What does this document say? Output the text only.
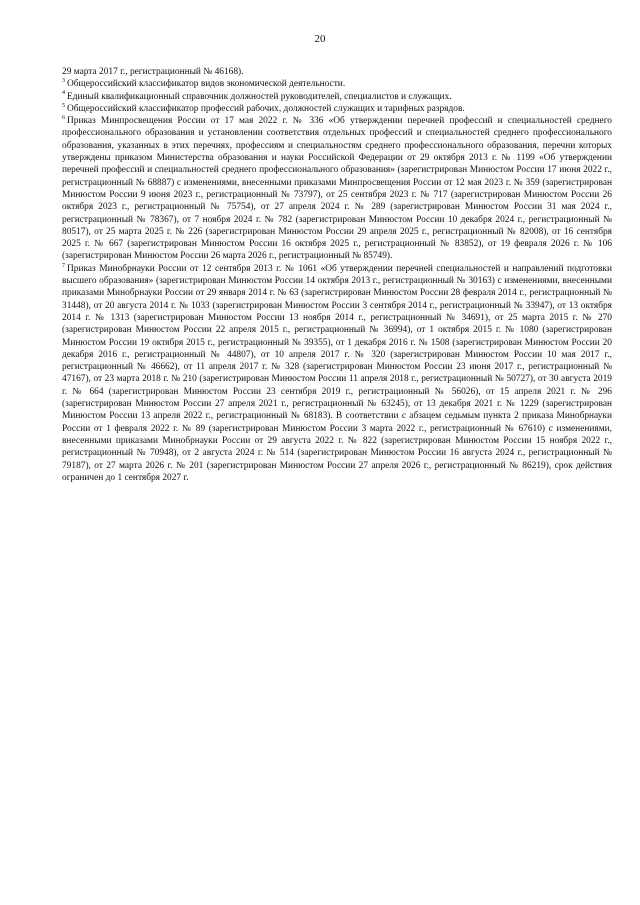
20

29 марта 2017 г., регистрационный № 46168).

$^3$ Общероссийский классификатор видов экономической деятельности.

$^4$ Единый квалификационный справочник должностей руководителей, специалистов и служащих.

$^5$ Общероссийский классификатор профессий рабочих, должностей служащих и тарифных разрядов.

$^6$ Приказ Минпросвещения России от 17 мая 2022 г. № 336 «Об утверждении перечней профессий и специальностей среднего профессионального образования и установлении соответствия отдельных профессий и специальностей среднего профессионального образования, указанных в этих перечнях, профессиям и специальностям среднего профессионального образования, перечни которых утверждены приказом Министерства образования и науки Российской Федерации от 29 октября 2013 г. № 1199 «Об утверждении перечней профессий и специальностей среднего профессионального образования» (зарегистрирован Минюстом России 17 июня 2022 г., регистрационный № 68887) с изменениями, внесенными приказами Минпросвещения России от 12 мая 2023 г. № 359 (зарегистрирован Минюстом России 9 июня 2023 г., регистрационный № 73797), от 25 сентября 2023 г. № 717 (зарегистрирован Минюстом России 26 октября 2023 г., регистрационный № 75754), от 27 апреля 2024 г. № 289 (зарегистрирован Минюстом России 31 мая 2024 г., регистрационный № 78367), от 7 ноября 2024 г. № 782 (зарегистрирован Минюстом России 10 декабря 2024 г., регистрационный № 80517), от 25 марта 2025 г. № 226 (зарегистрирован Минюстом России 29 апреля 2025 г., регистрационный № 82008), от 16 сентября 2025 г. № 667 (зарегистрирован Минюстом России 16 октября 2025 г., регистрационный № 83852), от 19 февраля 2026 г. № 106 (зарегистрирован Минюстом России 26 марта 2026 г., регистрационный № 85749).

$^7$ Приказ Минобрнауки России от 12 сентября 2013 г. № 1061 «Об утверждении перечней специальностей и направлений подготовки высшего образования» (зарегистрирован Минюстом России 14 октября 2013 г., регистрационный № 30163) с изменениями, внесенными приказами Минобрнауки России от 29 января 2014 г. № 63 (зарегистрирован Минюстом России 28 февраля 2014 г., регистрационный № 31448), от 20 августа 2014 г. № 1033 (зарегистрирован Минюстом России 3 сентября 2014 г., регистрационный № 33947), от 13 октября 2014 г. № 1313 (зарегистрирован Минюстом России 13 ноября 2014 г., регистрационный № 34691), от 25 марта 2015 г. № 270 (зарегистрирован Минюстом России 22 апреля 2015 г., регистрационный № 36994), от 1 октября 2015 г. № 1080 (зарегистрирован Минюстом России 19 октября 2015 г., регистрационный № 39355), от 1 декабря 2016 г. № 1508 (зарегистрирован Минюстом России 20 декабря 2016 г., регистрационный № 44807), от 10 апреля 2017 г. № 320 (зарегистрирован Минюстом России 10 мая 2017 г., регистрационный № 46662), от 11 апреля 2017 г. № 328 (зарегистрирован Минюстом России 23 июня 2017 г., регистрационный № 47167), от 23 марта 2018 г. № 210 (зарегистрирован Минюстом России 11 апреля 2018 г., регистрационный № 50727), от 30 августа 2019 г. № 664 (зарегистрирован Минюстом России 23 сентября 2019 г., регистрационный № 56026), от 15 апреля 2021 г. № 296 (зарегистрирован Минюстом России 27 апреля 2021 г., регистрационный № 63245), от 13 декабря 2021 г. № 1229 (зарегистрирован Минюстом России 13 апреля 2022 г., регистрационный № 68183). В соответствии с абзацем седьмым пункта 2 приказа Минобрнауки России от 1 февраля 2022 г. № 89 (зарегистрирован Минюстом России 3 марта 2022 г., регистрационный № 67610) с изменениями, внесенными приказами Минобрнауки России от 29 августа 2022 г. № 822 (зарегистрирован Минюстом России 15 ноября 2022 г., регистрационный № 70948), от 2 августа 2024 г. № 514 (зарегистрирован Минюстом России 16 августа 2024 г., регистрационный № 79187), от 27 марта 2026 г. № 201 (зарегистрирован Минюстом России 27 апреля 2026 г., регистрационный № 86219), срок действия ограничен до 1 сентября 2027 г.
